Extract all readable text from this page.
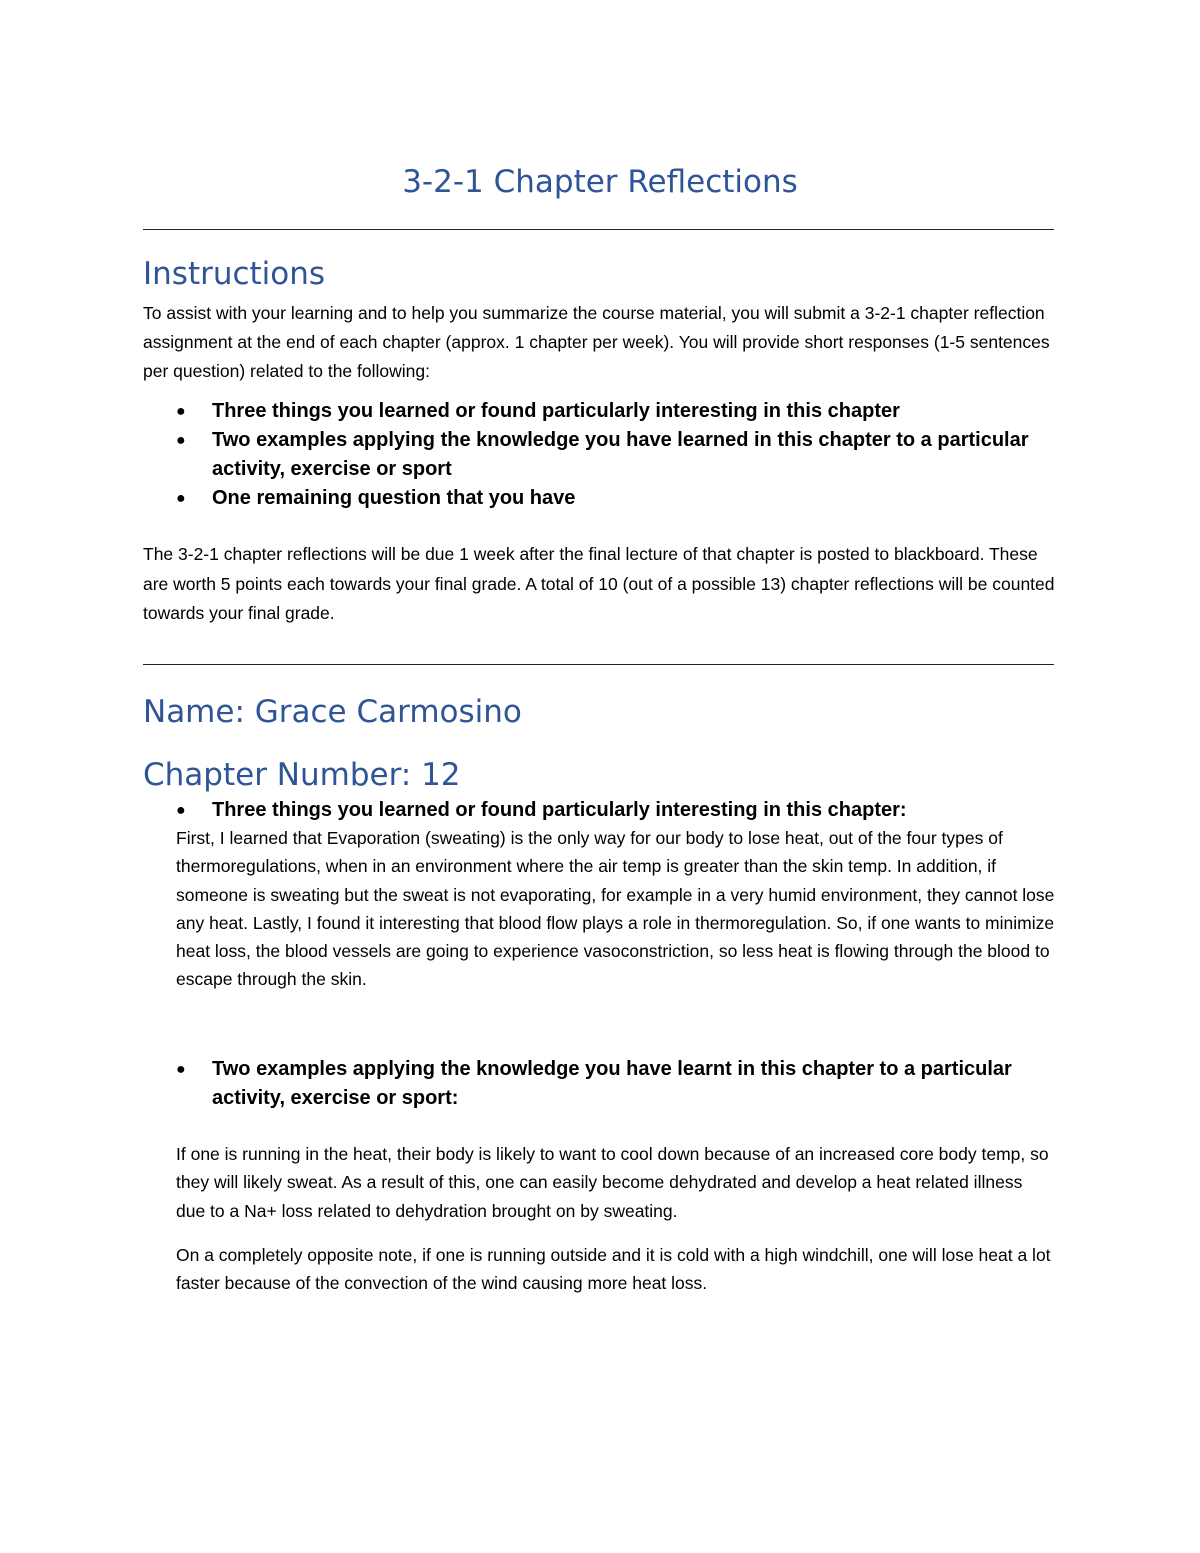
3-2-1 Chapter Reflections
Instructions
To assist with your learning and to help you summarize the course material, you will submit a 3-2-1 chapter reflection assignment at the end of each chapter (approx. 1 chapter per week). You will provide short responses (1-5 sentences per question) related to the following:
● Three things you learned or found particularly interesting in this chapter
● Two examples applying the knowledge you have learned in this chapter to a particular activity, exercise or sport
● One remaining question that you have
The 3-2-1 chapter reflections will be due 1 week after the final lecture of that chapter is posted to blackboard. These are worth 5 points each towards your final grade. A total of 10 (out of a possible 13) chapter reflections will be counted towards your final grade.
Name: Grace Carmosino
Chapter Number: 12
● Three things you learned or found particularly interesting in this chapter:
First, I learned that Evaporation (sweating) is the only way for our body to lose heat, out of the four types of thermoregulations, when in an environment where the air temp is greater than the skin temp. In addition, if someone is sweating but the sweat is not evaporating, for example in a very humid environment, they cannot lose any heat. Lastly, I found it interesting that blood flow plays a role in thermoregulation. So, if one wants to minimize heat loss, the blood vessels are going to experience vasoconstriction, so less heat is flowing through the blood to escape through the skin.
● Two examples applying the knowledge you have learnt in this chapter to a particular activity, exercise or sport:
If one is running in the heat, their body is likely to want to cool down because of an increased core body temp, so they will likely sweat. As a result of this, one can easily become dehydrated and develop a heat related illness due to a Na+ loss related to dehydration brought on by sweating.
On a completely opposite note, if one is running outside and it is cold with a high windchill, one will lose heat a lot faster because of the convection of the wind causing more heat loss.
